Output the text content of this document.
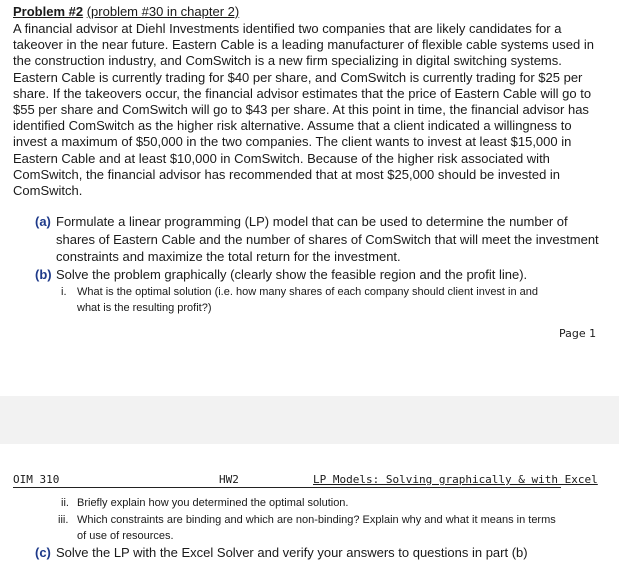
Problem #2 (problem #30 in chapter 2)
A financial advisor at Diehl Investments identified two companies that are likely candidates for a
takeover in the near future. Eastern Cable is a leading manufacturer of flexible cable systems used in
the construction industry, and ComSwitch is a new firm specializing in digital switching systems.
Eastern Cable is currently trading for $40 per share, and ComSwitch is currently trading for $25 per
share. If the takeovers occur, the financial advisor estimates that the price of Eastern Cable will go to
$55 per share and ComSwitch will go to $43 per share. At this point in time, the financial advisor has
identified ComSwitch as the higher risk alternative. Assume that a client indicated a willingness to
invest a maximum of $50,000 in the two companies. The client wants to invest at least $15,000 in
Eastern Cable and at least $10,000 in ComSwitch. Because of the higher risk associated with
ComSwitch, the financial advisor has recommended that at most $25,000 should be invested in
ComSwitch.
(a) Formulate a linear programming (LP) model that can be used to determine the number of
shares of Eastern Cable and the number of shares of ComSwitch that will meet the investment
constraints and maximize the total return for the investment.
(b) Solve the problem graphically (clearly show the feasible region and the profit line).
i. What is the optimal solution (i.e. how many shares of each company should client invest in and
what is the resulting profit?)
Page 1
OIM 310	HW2	LP Models: Solving graphically & with Excel
ii. Briefly explain how you determined the optimal solution.
iii. Which constraints are binding and which are non-binding? Explain why and what it means in terms
of use of resources.
(c) Solve the LP with the Excel Solver and verify your answers to questions in part (b)
